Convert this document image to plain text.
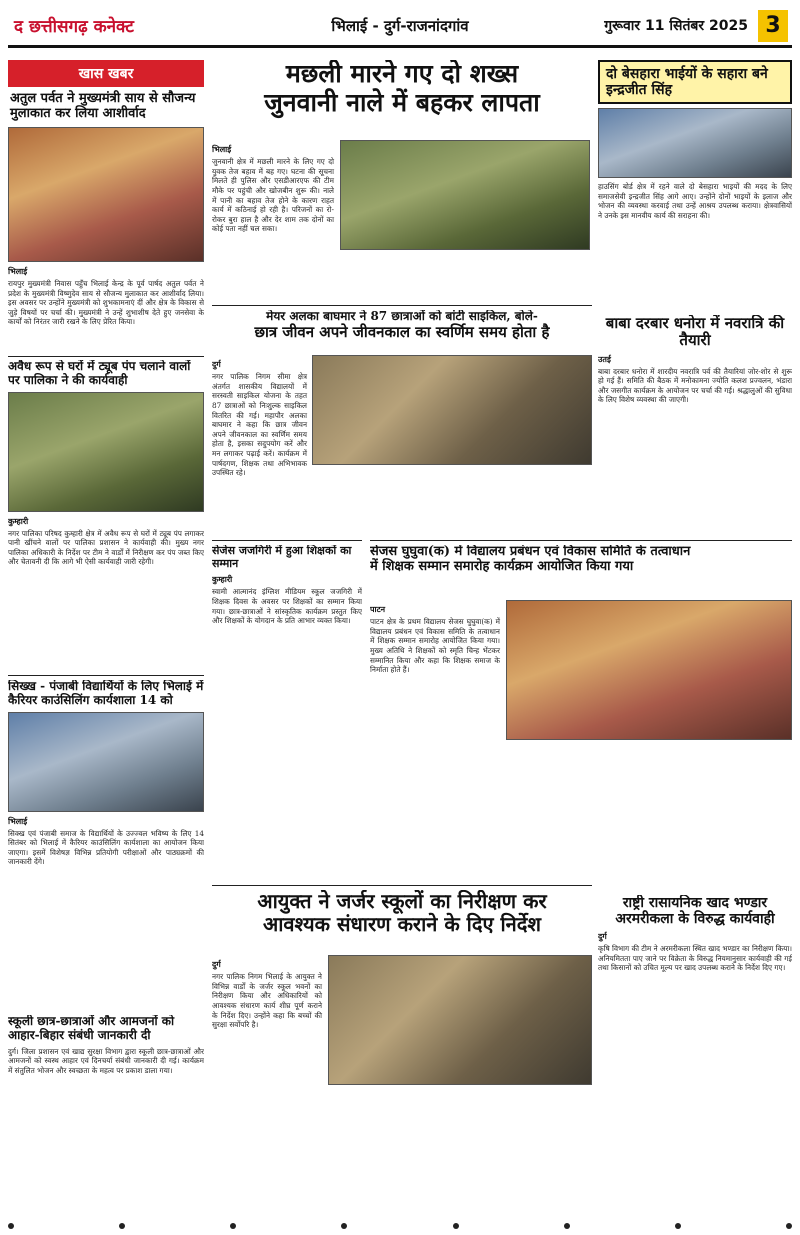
द छत्तीसगढ़ कनेक्ट	भिलाई - दुर्ग-राजनांदगांव	गुरूवार 11 सितंबर 2025 3
खास खबर
अतुल पर्वत ने मुख्यमंत्री साय से सौजन्य मुलाकात कर लिया आशीर्वाद
भिलाई
रायपुर मुख्यमंत्री निवास पहुँच भिलाई केन्द्र के पूर्व पार्षद अतुल पर्वत ने प्रदेश के मुख्यमंत्री विष्णुदेव साय से सौजन्य मुलाकात कर आशीर्वाद लिया। इस अवसर पर उन्होंने मुख्यमंत्री को शुभकामनाएं दीं और क्षेत्र के विकास से जुड़े विषयों पर चर्चा की। मुख्यमंत्री ने उन्हें शुभाशीष देते हुए जनसेवा के कार्यों को निरंतर जारी रखने के लिए प्रेरित किया।
मछली मारने गए दो शख्स
जुनवानी नाले में बहकर लापता
भिलाई
जुनवानी क्षेत्र में मछली मारने के लिए गए दो युवक तेज बहाव में बह गए। घटना की सूचना मिलते ही पुलिस और एसडीआरएफ की टीम मौके पर पहुंची और खोजबीन शुरू की। नाले में पानी का बहाव तेज होने के कारण राहत कार्य में कठिनाई हो रही है। परिजनों का रो-रोकर बुरा हाल है और देर शाम तक दोनों का कोई पता नहीं चल सका।
दो बेसहारा भाईयों के सहारा बने इन्द्रजीत सिंह
हाउसिंग बोर्ड क्षेत्र में रहने वाले दो बेसहारा भाइयों की मदद के लिए समाजसेवी इन्द्रजीत सिंह आगे आए। उन्होंने दोनों भाइयों के इलाज और भोजन की व्यवस्था करवाई तथा उन्हें आश्रय उपलब्ध कराया। क्षेत्रवासियों ने उनके इस मानवीय कार्य की सराहना की।
मेयर अलका बाघमार ने 87 छात्राओं को बांटी साइकिल, बोले-
छात्र जीवन अपने जीवनकाल का स्वर्णिम समय होता है
दुर्ग
नगर पालिक निगम सीमा क्षेत्र अंतर्गत शासकीय विद्यालयों में सरस्वती साइकिल योजना के तहत 87 छात्राओं को निःशुल्क साइकिल वितरित की गई। महापौर अलका बाघमार ने कहा कि छात्र जीवन अपने जीवनकाल का स्वर्णिम समय होता है, इसका सदुपयोग करें और मन लगाकर पढ़ाई करें। कार्यक्रम में पार्षदगण, शिक्षक तथा अभिभावक उपस्थित रहे।
बाबा दरबार धनोरा में नवरात्रि की तैयारी
उतई
बाबा दरबार धनोरा में शारदीय नवरात्रि पर्व की तैयारियां जोर-शोर से शुरू हो गई हैं। समिति की बैठक में मनोकामना ज्योति कलश प्रज्वलन, भंडारा और जसगीत कार्यक्रम के आयोजन पर चर्चा की गई। श्रद्धालुओं की सुविधा के लिए विशेष व्यवस्था की जाएगी।
अवैध रूप से घरों में ट्यूब पंप चलाने वालों पर पालिका ने की कार्यवाही
कुम्हारी
नगर पालिका परिषद कुम्हारी क्षेत्र में अवैध रूप से घरों में ट्यूब पंप लगाकर पानी खींचने वालों पर पालिका प्रशासन ने कार्यवाही की। मुख्य नगर पालिका अधिकारी के निर्देश पर टीम ने वार्डों में निरीक्षण कर पंप जब्त किए और चेतावनी दी कि आगे भी ऐसी कार्यवाही जारी रहेगी।
सिख्ख - पंजाबी विद्यार्थियों के लिए भिलाई में कैरियर काउंसिलिंग कार्यशाला 14 को
भिलाई
सिक्ख एवं पंजाबी समाज के विद्यार्थियों के उज्ज्वल भविष्य के लिए 14 सितंबर को भिलाई में कैरियर काउंसिलिंग कार्यशाला का आयोजन किया जाएगा। इसमें विशेषज्ञ विभिन्न प्रतियोगी परीक्षाओं और पाठ्यक्रमों की जानकारी देंगे।
स्कूली छात्र-छात्राओं और आमजनों को आहार-बिहार संबंधी जानकारी दी
दुर्ग। जिला प्रशासन एवं खाद्य सुरक्षा विभाग द्वारा स्कूली छात्र-छात्राओं और आमजनों को स्वस्थ आहार एवं दिनचर्या संबंधी जानकारी दी गई। कार्यक्रम में संतुलित भोजन और स्वच्छता के महत्व पर प्रकाश डाला गया।
सेजेस जजगिरी में हुआ शिक्षकों का सम्मान
कुम्हारी
स्वामी आत्मानंद इंग्लिश मीडियम स्कूल जजगिरी में शिक्षक दिवस के अवसर पर शिक्षकों का सम्मान किया गया। छात्र-छात्राओं ने सांस्कृतिक कार्यक्रम प्रस्तुत किए और शिक्षकों के योगदान के प्रति आभार व्यक्त किया।
सेजस घुघुवा(क) में विद्यालय प्रबंधन एवं विकास समिति के तत्वाधान
में शिक्षक सम्मान समारोह कार्यक्रम आयोजित किया गया
पाटन
पाटन क्षेत्र के प्रथम विद्यालय सेजस घुघुवा(क) में विद्यालय प्रबंधन एवं विकास समिति के तत्वाधान में शिक्षक सम्मान समारोह आयोजित किया गया। मुख्य अतिथि ने शिक्षकों को स्मृति चिन्ह भेंटकर सम्मानित किया और कहा कि शिक्षक समाज के निर्माता होते हैं।
आयुक्त ने जर्जर स्कूलों का निरीक्षण कर
आवश्यक संधारण कराने के दिए निर्देश
दुर्ग
नगर पालिक निगम भिलाई के आयुक्त ने विभिन्न वार्डों के जर्जर स्कूल भवनों का निरीक्षण किया और अधिकारियों को आवश्यक संधारण कार्य शीघ्र पूर्ण कराने के निर्देश दिए। उन्होंने कहा कि बच्चों की सुरक्षा सर्वोपरि है।
राष्ट्री रासायनिक खाद भण्डार अरमरीकला के विरुद्ध कार्यवाही
दुर्ग
कृषि विभाग की टीम ने अरमरीकला स्थित खाद भण्डार का निरीक्षण किया। अनियमितता पाए जाने पर विक्रेता के विरुद्ध नियमानुसार कार्यवाही की गई तथा किसानों को उचित मूल्य पर खाद उपलब्ध कराने के निर्देश दिए गए।
